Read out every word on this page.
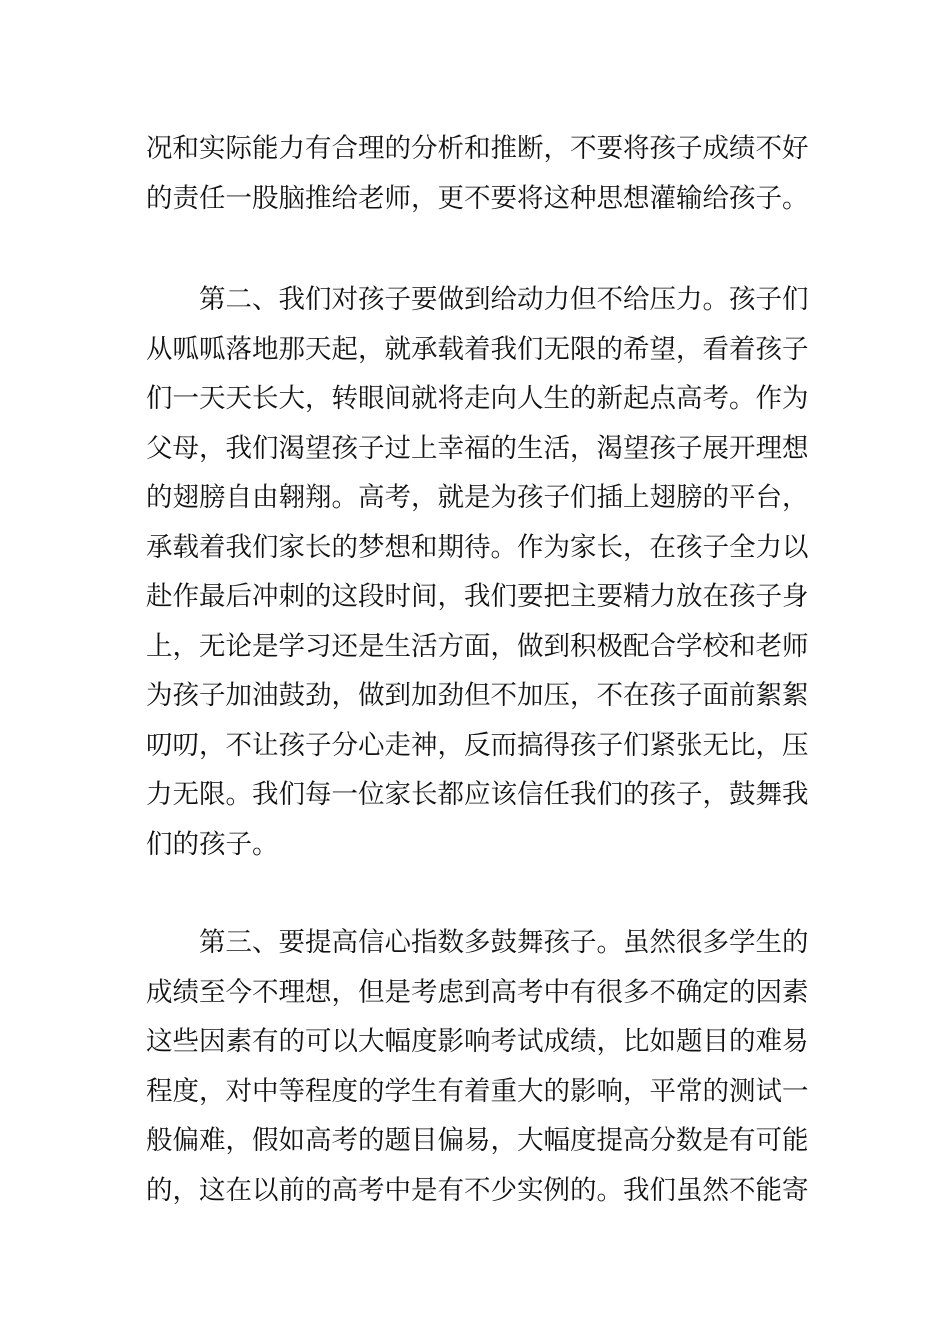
况和实际能力有合理的分析和推断，不要将孩子成绩不好
的责任一股脑推给老师，更不要将这种思想灌输给孩子。
　　第二、我们对孩子要做到给动力但不给压力。孩子们
从呱呱落地那天起，就承载着我们无限的希望，看着孩子
们一天天长大，转眼间就将走向人生的新起点高考。作为
父母，我们渴望孩子过上幸福的生活，渴望孩子展开理想
的翅膀自由翱翔。高考，就是为孩子们插上翅膀的平台，
承载着我们家长的梦想和期待。作为家长，在孩子全力以
赴作最后冲刺的这段时间，我们要把主要精力放在孩子身
上，无论是学习还是生活方面，做到积极配合学校和老师
为孩子加油鼓劲，做到加劲但不加压，不在孩子面前絮絮
叨叨，不让孩子分心走神，反而搞得孩子们紧张无比，压
力无限。我们每一位家长都应该信任我们的孩子，鼓舞我
们的孩子。
　　第三、要提高信心指数多鼓舞孩子。虽然很多学生的
成绩至今不理想，但是考虑到高考中有很多不确定的因素
这些因素有的可以大幅度影响考试成绩，比如题目的难易
程度，对中等程度的学生有着重大的影响，平常的测试一
般偏难，假如高考的题目偏易，大幅度提高分数是有可能
的，这在以前的高考中是有不少实例的。我们虽然不能寄
